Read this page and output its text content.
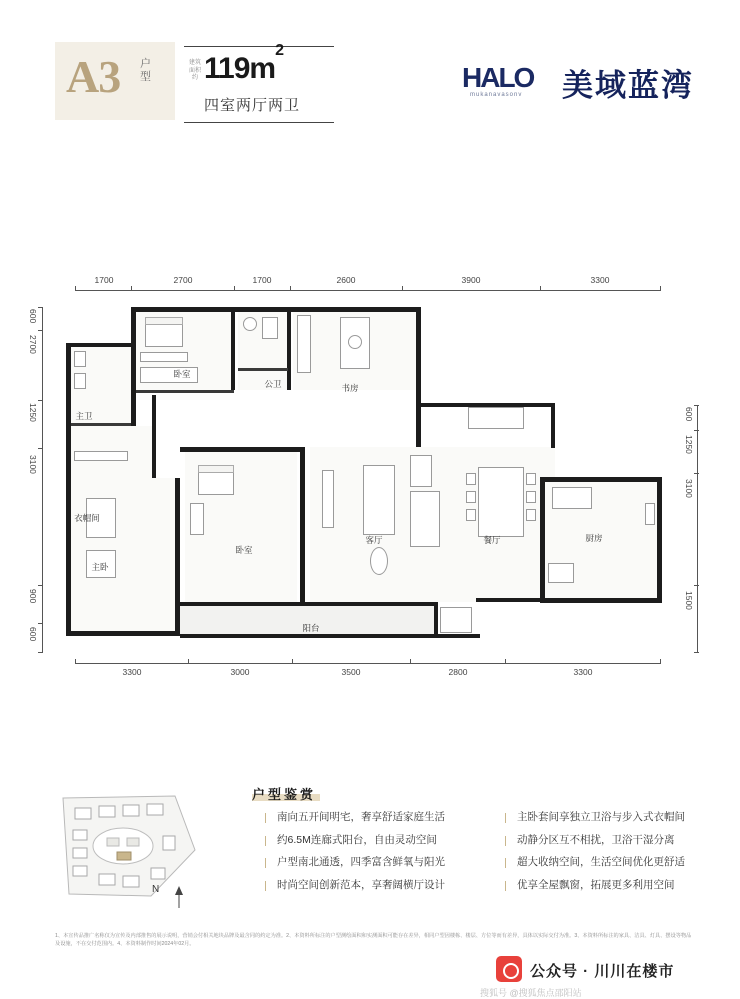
A3 户
型
建筑
面积
约 $119m^2$
四室两厅两卫
HALO
mukanavasonv 美域蓝湾
1700	2700	1700	2600	3900	3300
3300	3000	3500	2800	3300
600
2700
1250
3100
900
600
600
1250
3100
1500
卧室
公卫	书房
主卫
衣帽间
主卧
卧室
客厅	餐厅	厨房
阳台
N
户型鉴赏
南向五开间明宅，奢享舒适家庭生活
约6.5M连廊式阳台，自由灵动空间
户型南北通透，四季富含鲜氧与阳光
时尚空间创新范本，享奢阔横厅设计
主卧套间享独立卫浴与步入式衣帽间
动静分区互不相扰，卫浴干湿分离
超大收纳空间，生活空间优化更舒适
优享全屋飘窗，拓展更多利用空间
1、本宣传品推广名称仅为宣传及内部推售的展示说明，营销会付相关地块品牌及最含同的约定为准。2、本资料所标注的户型测绘面积和实测面积可能存在差异，相同户型因楼栋、楼层、方位等而有差异，具体以实际交付为准。3、本资料所标注的家具、洁具、灯具、摆设等物品及设施，不在交付范围内。4、本资料制作时间2024年02月。
公众号 · 川川在楼市
搜狐号 @搜狐焦点邵阳站
